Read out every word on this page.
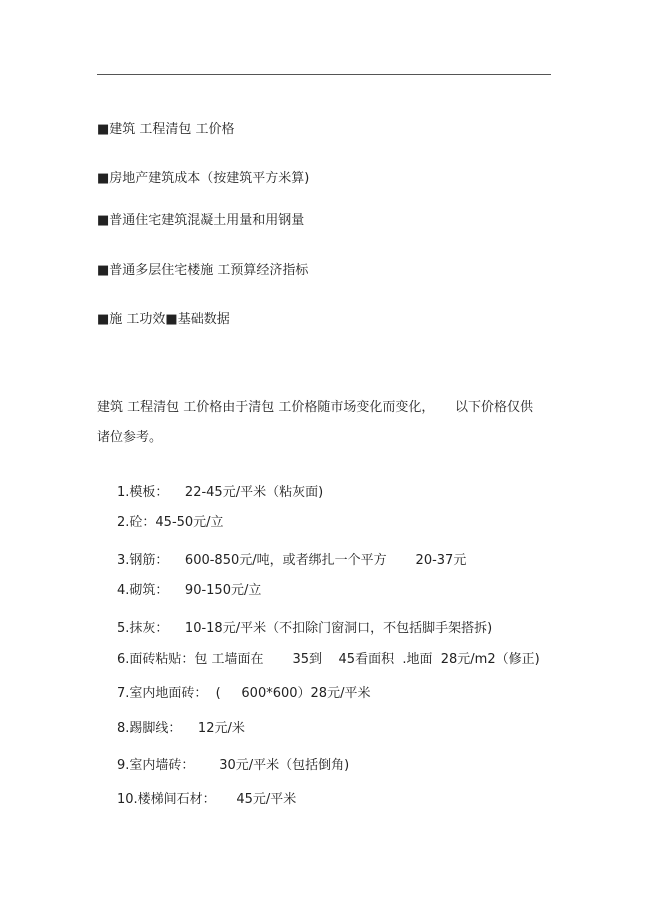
■建筑 工程清包 工价格
■房地产建筑成本（按建筑平方米算)
■普通住宅建筑混凝土用量和用钢量
■普通多层住宅楼施 工预算经济指标
■施 工功效■基础数据
建筑 工程清包 工价格由于清包 工价格随市场变化而变化，     以下价格仅供
诸位参考。
1.模板：    22-45元/平米（粘灰面)
2.砼：45-50元/立
3.钢筋：    600-850元/吨，或者绑扎一个平方       20-37元
4.砌筑：    90-150元/立
5.抹灰：    10-18元/平米（不扣除门窗洞口，不包括脚手架搭拆)
6.面砖粘贴：包 工墙面在       35到    45看面积  .地面  28元/m2（修正)
7.室内地面砖：  (     600*600）28元/平米
8.踢脚线：    12元/米
9.室内墙砖：      30元/平米（包括倒角)
10.楼梯间石材：     45元/平米
